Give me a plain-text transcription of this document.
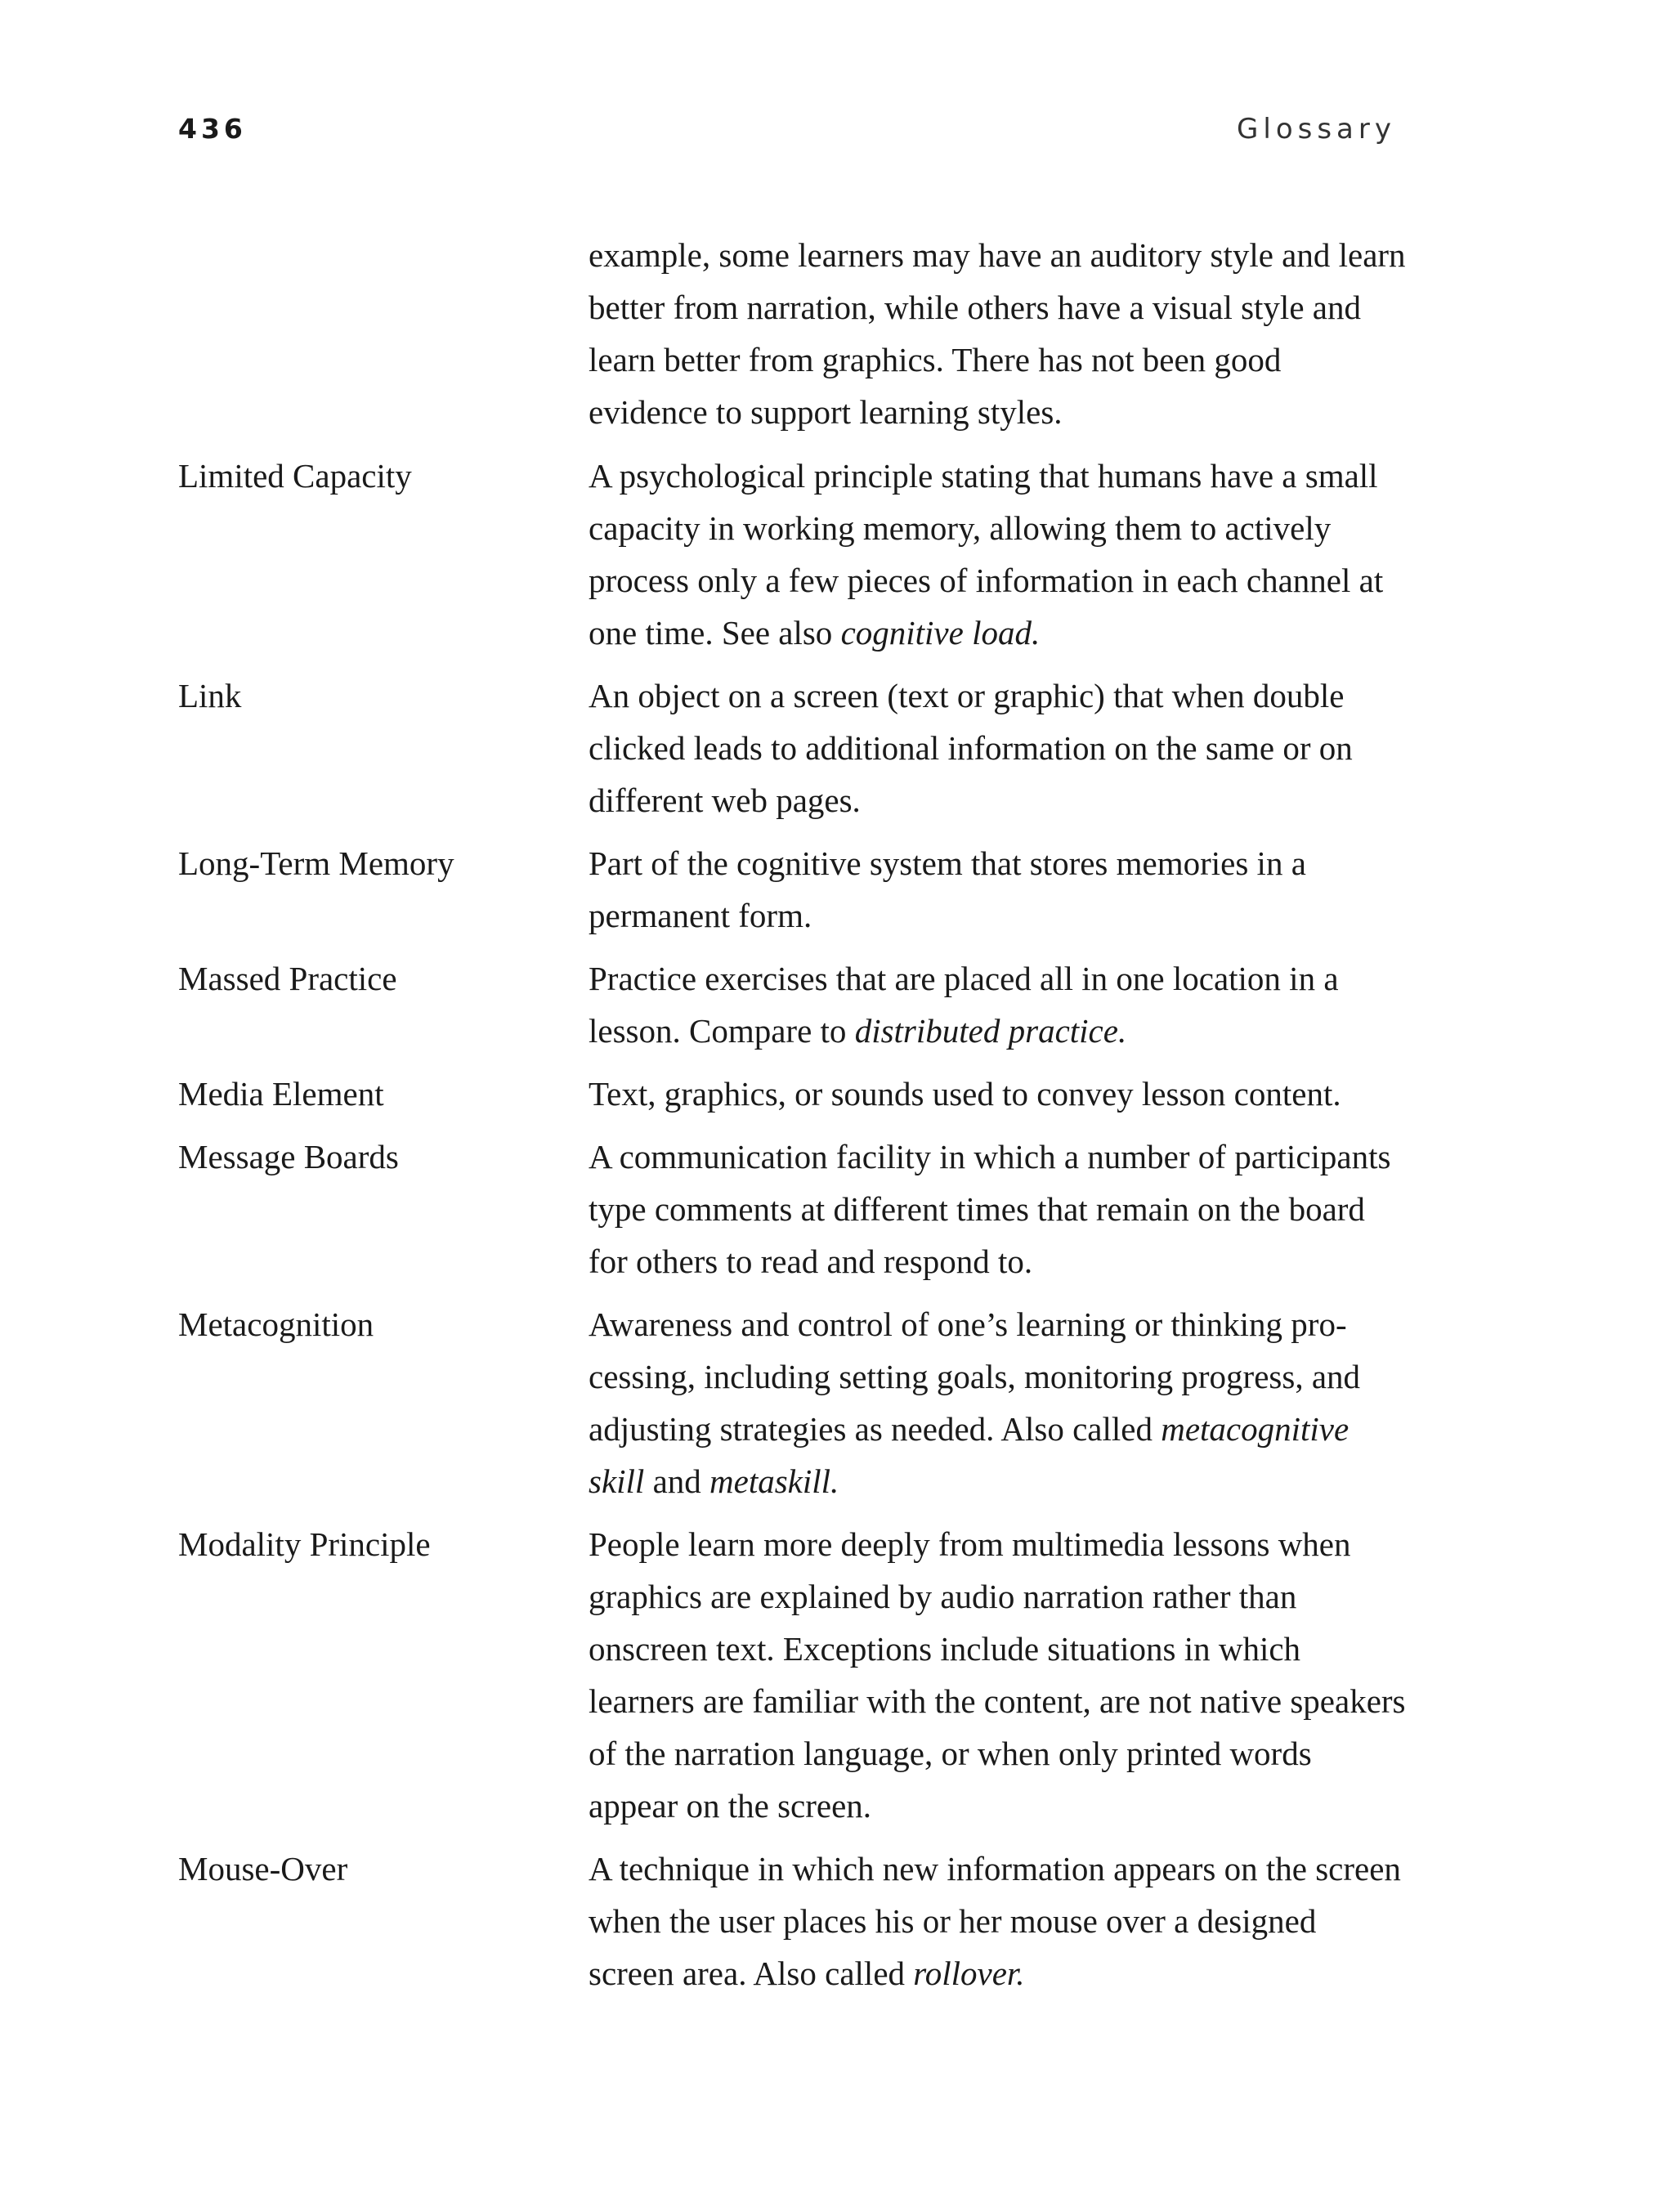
436	Glossary
example, some learners may have an auditory style and learn better from narration, while others have a visual style and learn better from graphics. There has not been good evidence to support learning styles.
Limited Capacity	A psychological principle stating that humans have a small capacity in working memory, allowing them to actively process only a few pieces of information in each channel at one time. See also cognitive load.
Link	An object on a screen (text or graphic) that when double clicked leads to additional information on the same or on different web pages.
Long-Term Memory	Part of the cognitive system that stores memories in a permanent form.
Massed Practice	Practice exercises that are placed all in one location in a lesson. Compare to distributed practice.
Media Element	Text, graphics, or sounds used to convey lesson content.
Message Boards	A communication facility in which a number of participants type comments at different times that remain on the board for others to read and respond to.
Metacognition	Awareness and control of one’s learning or thinking processing, including setting goals, monitoring progress, and adjusting strategies as needed. Also called metacognitive skill and metaskill.
Modality Principle	People learn more deeply from multimedia lessons when graphics are explained by audio narration rather than onscreen text. Exceptions include situations in which learners are familiar with the content, are not native speakers of the narration language, or when only printed words appear on the screen.
Mouse-Over	A technique in which new information appears on the screen when the user places his or her mouse over a designed screen area. Also called rollover.
